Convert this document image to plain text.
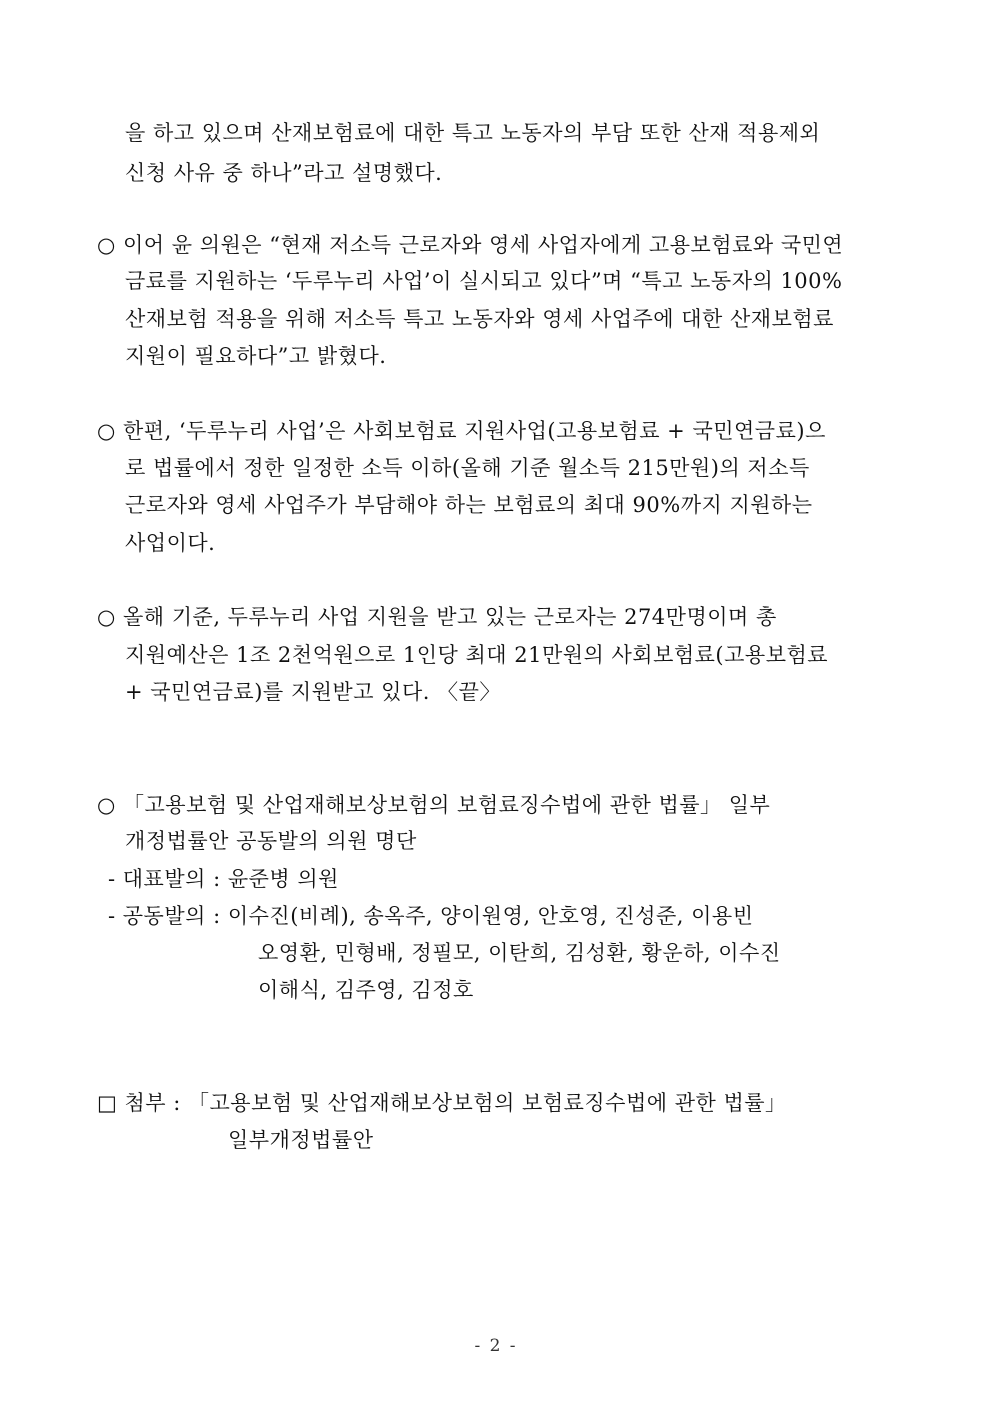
을 하고 있으며 산재보험료에 대한 특고 노동자의 부담 또한 산재 적용제외
신청 사유 중 하나”라고 설명했다.
○ 이어 윤 의원은 “현재 저소득 근로자와 영세 사업자에게 고용보험료와 국민연
금료를 지원하는 ‘두루누리 사업’이 실시되고 있다”며 “특고 노동자의 100%
산재보험 적용을 위해 저소득 특고 노동자와 영세 사업주에 대한 산재보험료
지원이 필요하다”고 밝혔다.
○ 한편, ‘두루누리 사업’은 사회보험료 지원사업(고용보험료 + 국민연금료)으
로 법률에서 정한 일정한 소득 이하(올해 기준 월소득 215만원)의 저소득
근로자와 영세 사업주가 부담해야 하는 보험료의 최대 90%까지 지원하는
사업이다.
○ 올해 기준, 두루누리 사업 지원을 받고 있는 근로자는 274만명이며 총
지원예산은 1조 2천억원으로 1인당 최대 21만원의 사회보험료(고용보험료
+ 국민연금료)를 지원받고 있다. 〈끝〉
○ 「고용보험 및 산업재해보상보험의 보험료징수법에 관한 법률」 일부
개정법률안 공동발의 의원 명단
- 대표발의 : 윤준병 의원
- 공동발의 : 이수진(비례), 송옥주, 양이원영, 안호영, 진성준, 이용빈
오영환, 민형배, 정필모, 이탄희, 김성환, 황운하, 이수진
이해식, 김주영, 김정호
□ 첨부 : 「고용보험 및 산업재해보상보험의 보험료징수법에 관한 법률」
일부개정법률안
- 2 -
